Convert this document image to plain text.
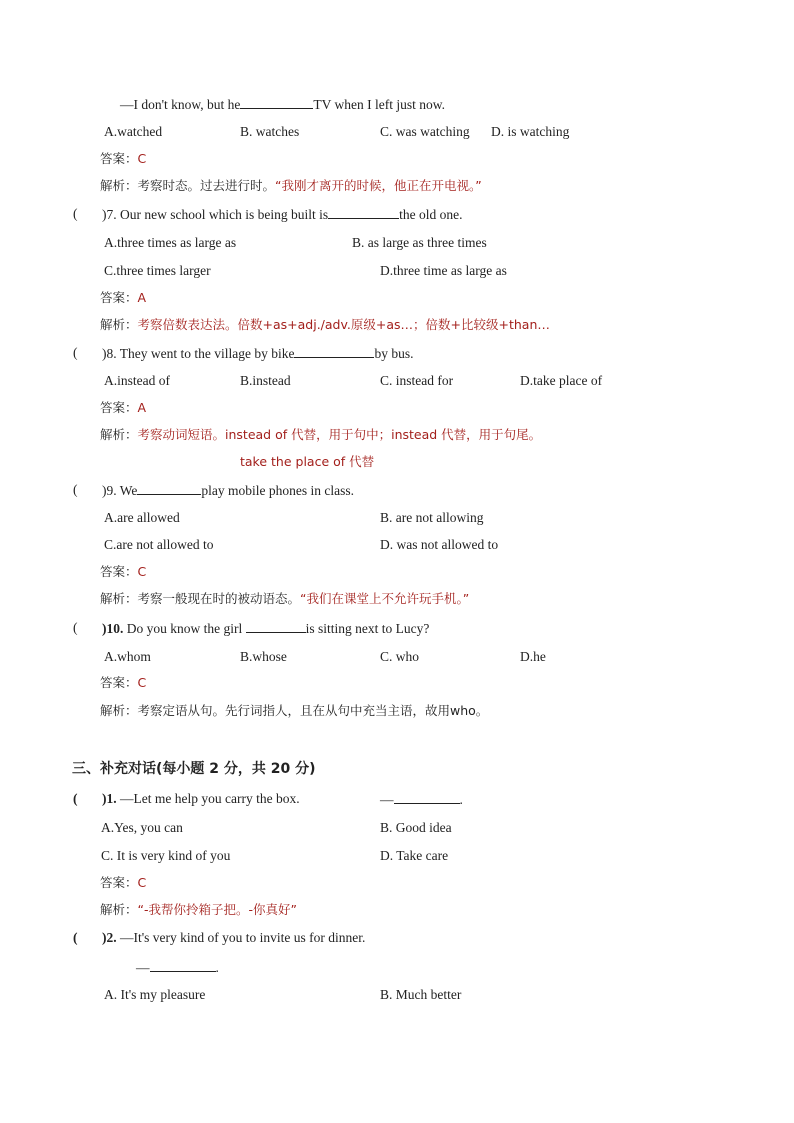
—I don't know, but he	TV when I left just now.
A.watched	B. watches	C. was watching D. is watching
答案：C
解析：考察时态。过去进行时。“我刚才离开的时候，他正在开电视。”
( )7. Our new school which is being built is	the old one.
A.three times as large as	B. as large as three times
C.three times larger	D.three time as large as
答案：A
解析：考察倍数表达法。倍数+as+adj./adv.原级+as…；倍数+比较级+than…
( )8. They went to the village by bike	by bus.
A.instead of	B.instead	C. instead for	D.take place of
答案：A
解析：考察动词短语。instead of 代替，用于句中；instead 代替，用于句尾。
take the place of 代替
( )9. We	play mobile phones in class.
A.are allowed	B. are not allowing
C.are not allowed to	D. was not allowed to
答案：C
解析：考察一般现在时的被动语态。“我们在课堂上不允许玩手机。”
( )10. Do you know the girl	is sitting next to Lucy?
A.whom	B.whose	C. who	D.he
答案：C
解析：考察定语从句。先行词指人，且在从句中充当主语，故用who。
三、补充对话(每小题 2 分，共 20 分)
( )1. —Let me help you carry the box.	—	.
A.Yes, you can	B. Good idea
C. It is very kind of you	D. Take care
答案：C
解析：“-我帮你拎箱子把。-你真好”
( )2. —It's very kind of you to invite us for dinner.
—	.
A. It's my pleasure	B. Much better
